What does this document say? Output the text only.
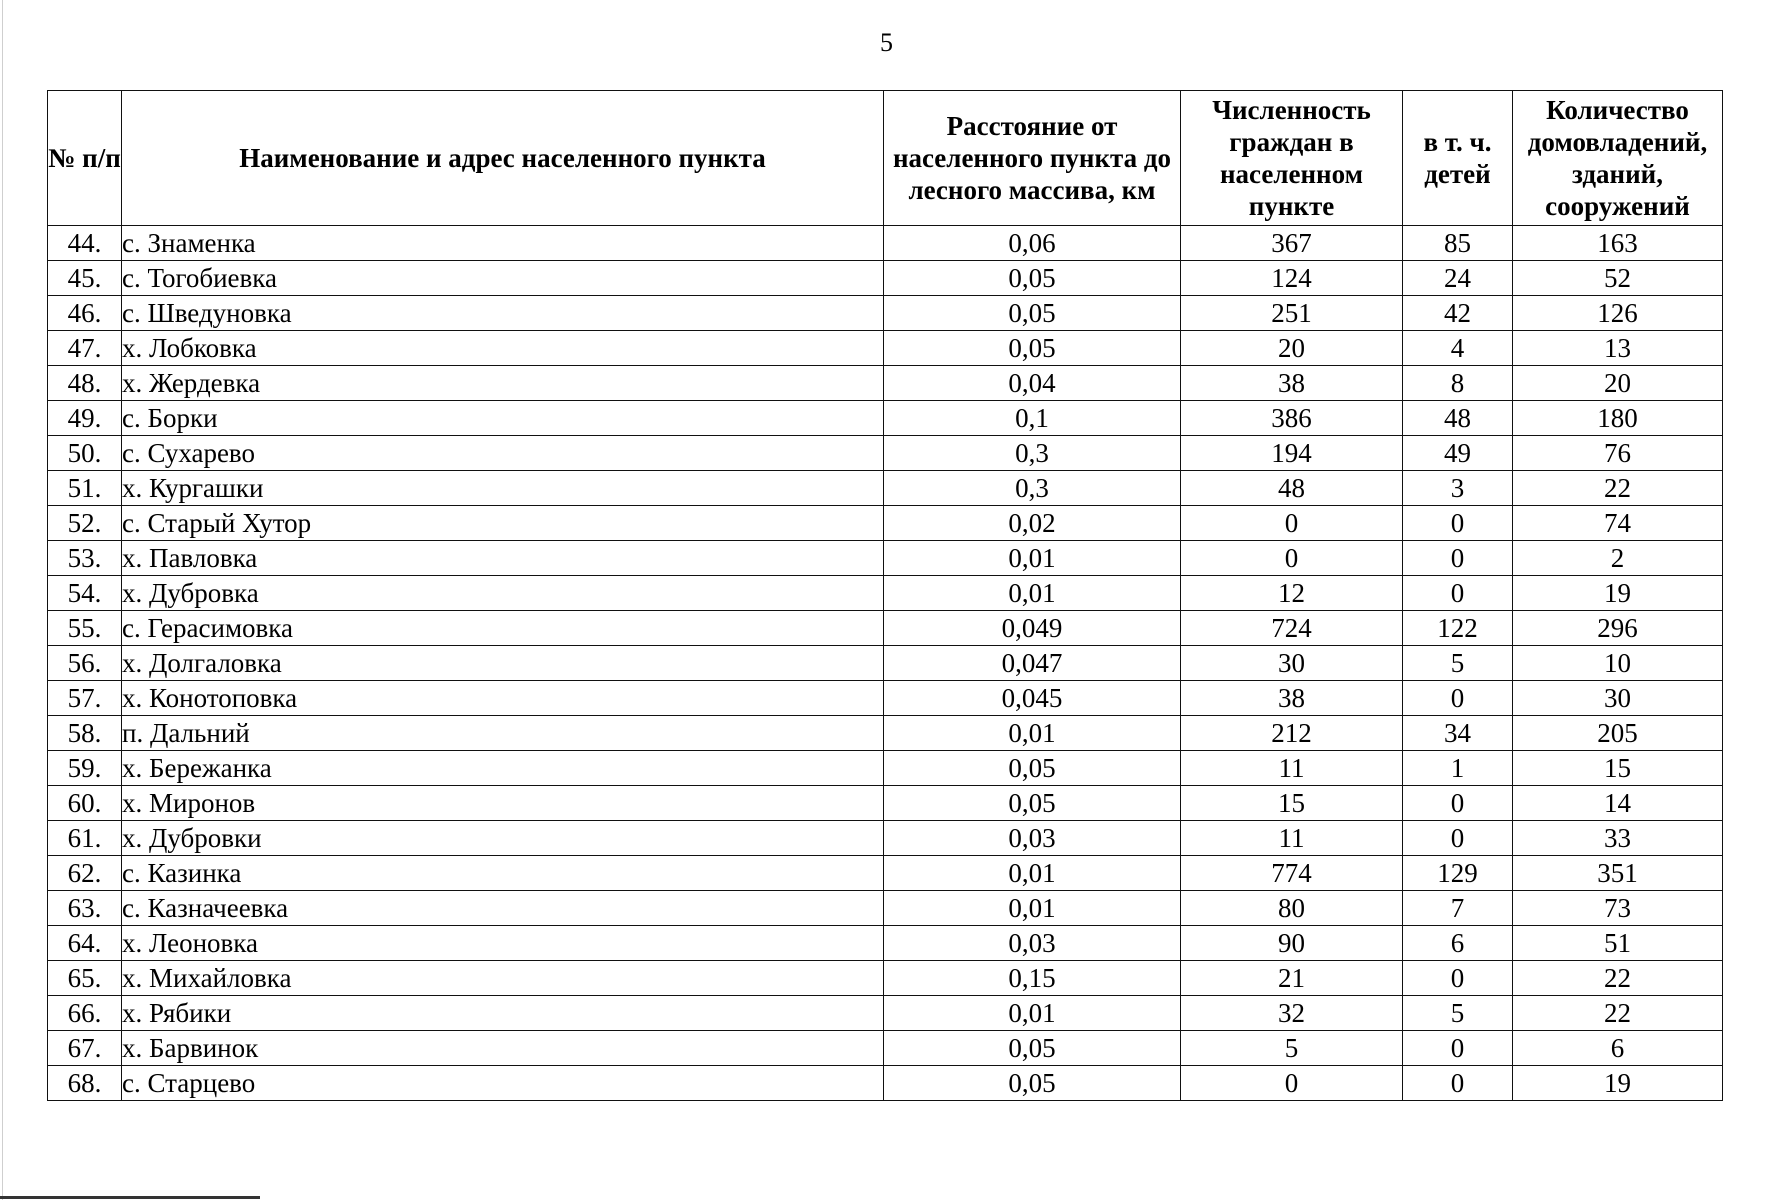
5
№ п/п	Наименование и адрес населенного пункта	Расстояние от населенного пункта до лесного массива, км	Численность граждан в населенном пункте	в т. ч. детей	Количество домовладений, зданий, сооружений
44.	с. Знаменка	0,06	367	85	163
45.	с. Тогобиевка	0,05	124	24	52
46.	с. Шведуновка	0,05	251	42	126
47.	х. Лобковка	0,05	20	4	13
48.	х. Жердевка	0,04	38	8	20
49.	с. Борки	0,1	386	48	180
50.	с. Сухарево	0,3	194	49	76
51.	х. Кургашки	0,3	48	3	22
52.	с. Старый Хутор	0,02	0	0	74
53.	х. Павловка	0,01	0	0	2
54.	х. Дубровка	0,01	12	0	19
55.	с. Герасимовка	0,049	724	122	296
56.	х. Долгаловка	0,047	30	5	10
57.	х. Конотоповка	0,045	38	0	30
58.	п. Дальний	0,01	212	34	205
59.	х. Бережанка	0,05	11	1	15
60.	х. Миронов	0,05	15	0	14
61.	х. Дубровки	0,03	11	0	33
62.	с. Казинка	0,01	774	129	351
63.	с. Казначеевка	0,01	80	7	73
64.	х. Леоновка	0,03	90	6	51
65.	х. Михайловка	0,15	21	0	22
66.	х. Рябики	0,01	32	5	22
67.	х. Барвинок	0,05	5	0	6
68.	с. Старцево	0,05	0	0	19
